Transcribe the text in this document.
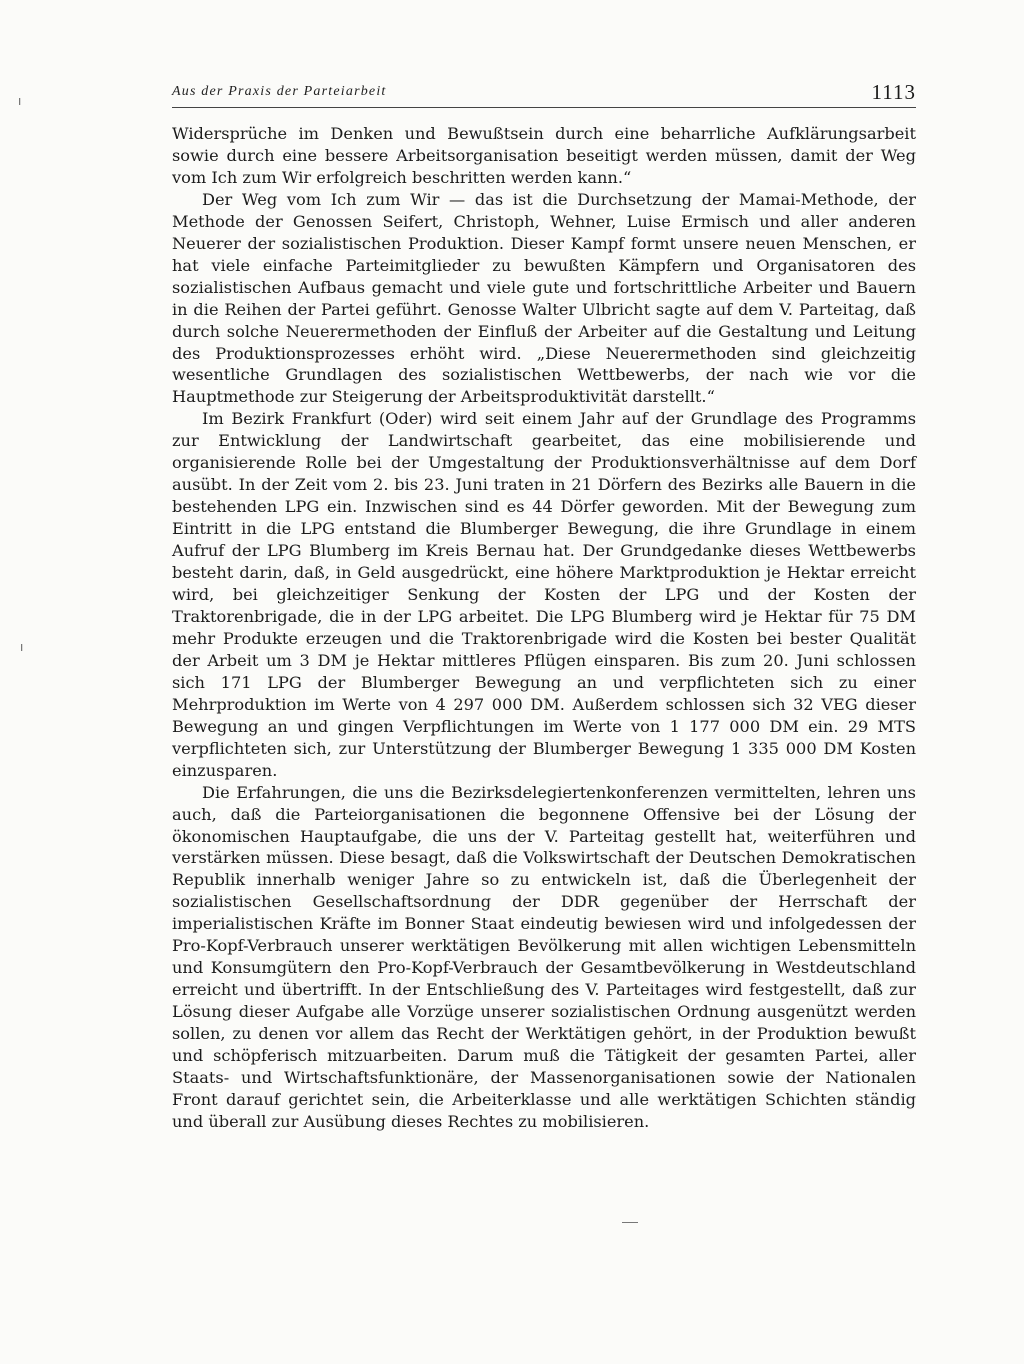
ı
ı
Aus der Praxis der Parteiarbeit	1113

Widersprüche im Denken und Bewußtsein durch eine beharrliche Aufklärungsarbeit sowie durch eine bessere Arbeitsorganisation beseitigt werden müssen, damit der Weg vom Ich zum Wir erfolgreich beschritten werden kann.“

Der Weg vom Ich zum Wir — das ist die Durchsetzung der Mamai-Methode, der Methode der Genossen Seifert, Christoph, Wehner, Luise Ermisch und aller anderen Neuerer der sozialistischen Produktion. Dieser Kampf formt unsere neuen Menschen, er hat viele einfache Parteimitglieder zu bewußten Kämpfern und Organisatoren des sozialistischen Aufbaus gemacht und viele gute und fortschrittliche Arbeiter und Bauern in die Reihen der Partei geführt. Genosse Walter Ulbricht sagte auf dem V. Parteitag, daß durch solche Neuerermethoden der Einfluß der Arbeiter auf die Gestaltung und Leitung des Produktionsprozesses erhöht wird. „Diese Neuerermethoden sind gleichzeitig wesentliche Grundlagen des sozialistischen Wettbewerbs, der nach wie vor die Hauptmethode zur Steigerung der Arbeitsproduktivität darstellt.“

Im Bezirk Frankfurt (Oder) wird seit einem Jahr auf der Grundlage des Programms zur Entwicklung der Landwirtschaft gearbeitet, das eine mobilisierende und organisierende Rolle bei der Umgestaltung der Produktionsverhältnisse auf dem Dorf ausübt. In der Zeit vom 2. bis 23. Juni traten in 21 Dörfern des Bezirks alle Bauern in die bestehenden LPG ein. Inzwischen sind es 44 Dörfer geworden. Mit der Bewegung zum Eintritt in die LPG entstand die Blumberger Bewegung, die ihre Grundlage in einem Aufruf der LPG Blumberg im Kreis Bernau hat. Der Grundgedanke dieses Wettbewerbs besteht darin, daß, in Geld ausgedrückt, eine höhere Marktproduktion je Hektar erreicht wird, bei gleichzeitiger Senkung der Kosten der LPG und der Kosten der Traktorenbrigade, die in der LPG arbeitet. Die LPG Blumberg wird je Hektar für 75 DM mehr Produkte erzeugen und die Traktorenbrigade wird die Kosten bei bester Qualität der Arbeit um 3 DM je Hektar mittleres Pflügen einsparen. Bis zum 20. Juni schlossen sich 171 LPG der Blumberger Bewegung an und verpflichteten sich zu einer Mehrproduktion im Werte von 4 297 000 DM. Außerdem schlossen sich 32 VEG dieser Bewegung an und gingen Verpflichtungen im Werte von 1 177 000 DM ein. 29 MTS verpflichteten sich, zur Unterstützung der Blumberger Bewegung 1 335 000 DM Kosten einzusparen.

Die Erfahrungen, die uns die Bezirksdelegiertenkonferenzen vermittelten, lehren uns auch, daß die Parteiorganisationen die begonnene Offensive bei der Lösung der ökonomischen Hauptaufgabe, die uns der V. Parteitag gestellt hat, weiterführen und verstärken müssen. Diese besagt, daß die Volkswirtschaft der Deutschen Demokratischen Republik innerhalb weniger Jahre so zu entwickeln ist, daß die Überlegenheit der sozialistischen Gesellschaftsordnung der DDR gegenüber der Herrschaft der imperialistischen Kräfte im Bonner Staat eindeutig bewiesen wird und infolgedessen der Pro-Kopf-Verbrauch unserer werktätigen Bevölkerung mit allen wichtigen Lebensmitteln und Konsumgütern den Pro-Kopf-Verbrauch der Gesamtbevölkerung in Westdeutschland erreicht und übertrifft. In der Entschließung des V. Parteitages wird festgestellt, daß zur Lösung dieser Aufgabe alle Vorzüge unserer sozialistischen Ordnung ausgenützt werden sollen, zu denen vor allem das Recht der Werktätigen gehört, in der Produktion bewußt und schöpferisch mitzuarbeiten. Darum muß die Tätigkeit der gesamten Partei, aller Staats- und Wirtschaftsfunktionäre, der Massenorganisationen sowie der Nationalen Front darauf gerichtet sein, die Arbeiterklasse und alle werktätigen Schichten ständig und überall zur Ausübung dieses Rechtes zu mobilisieren.
